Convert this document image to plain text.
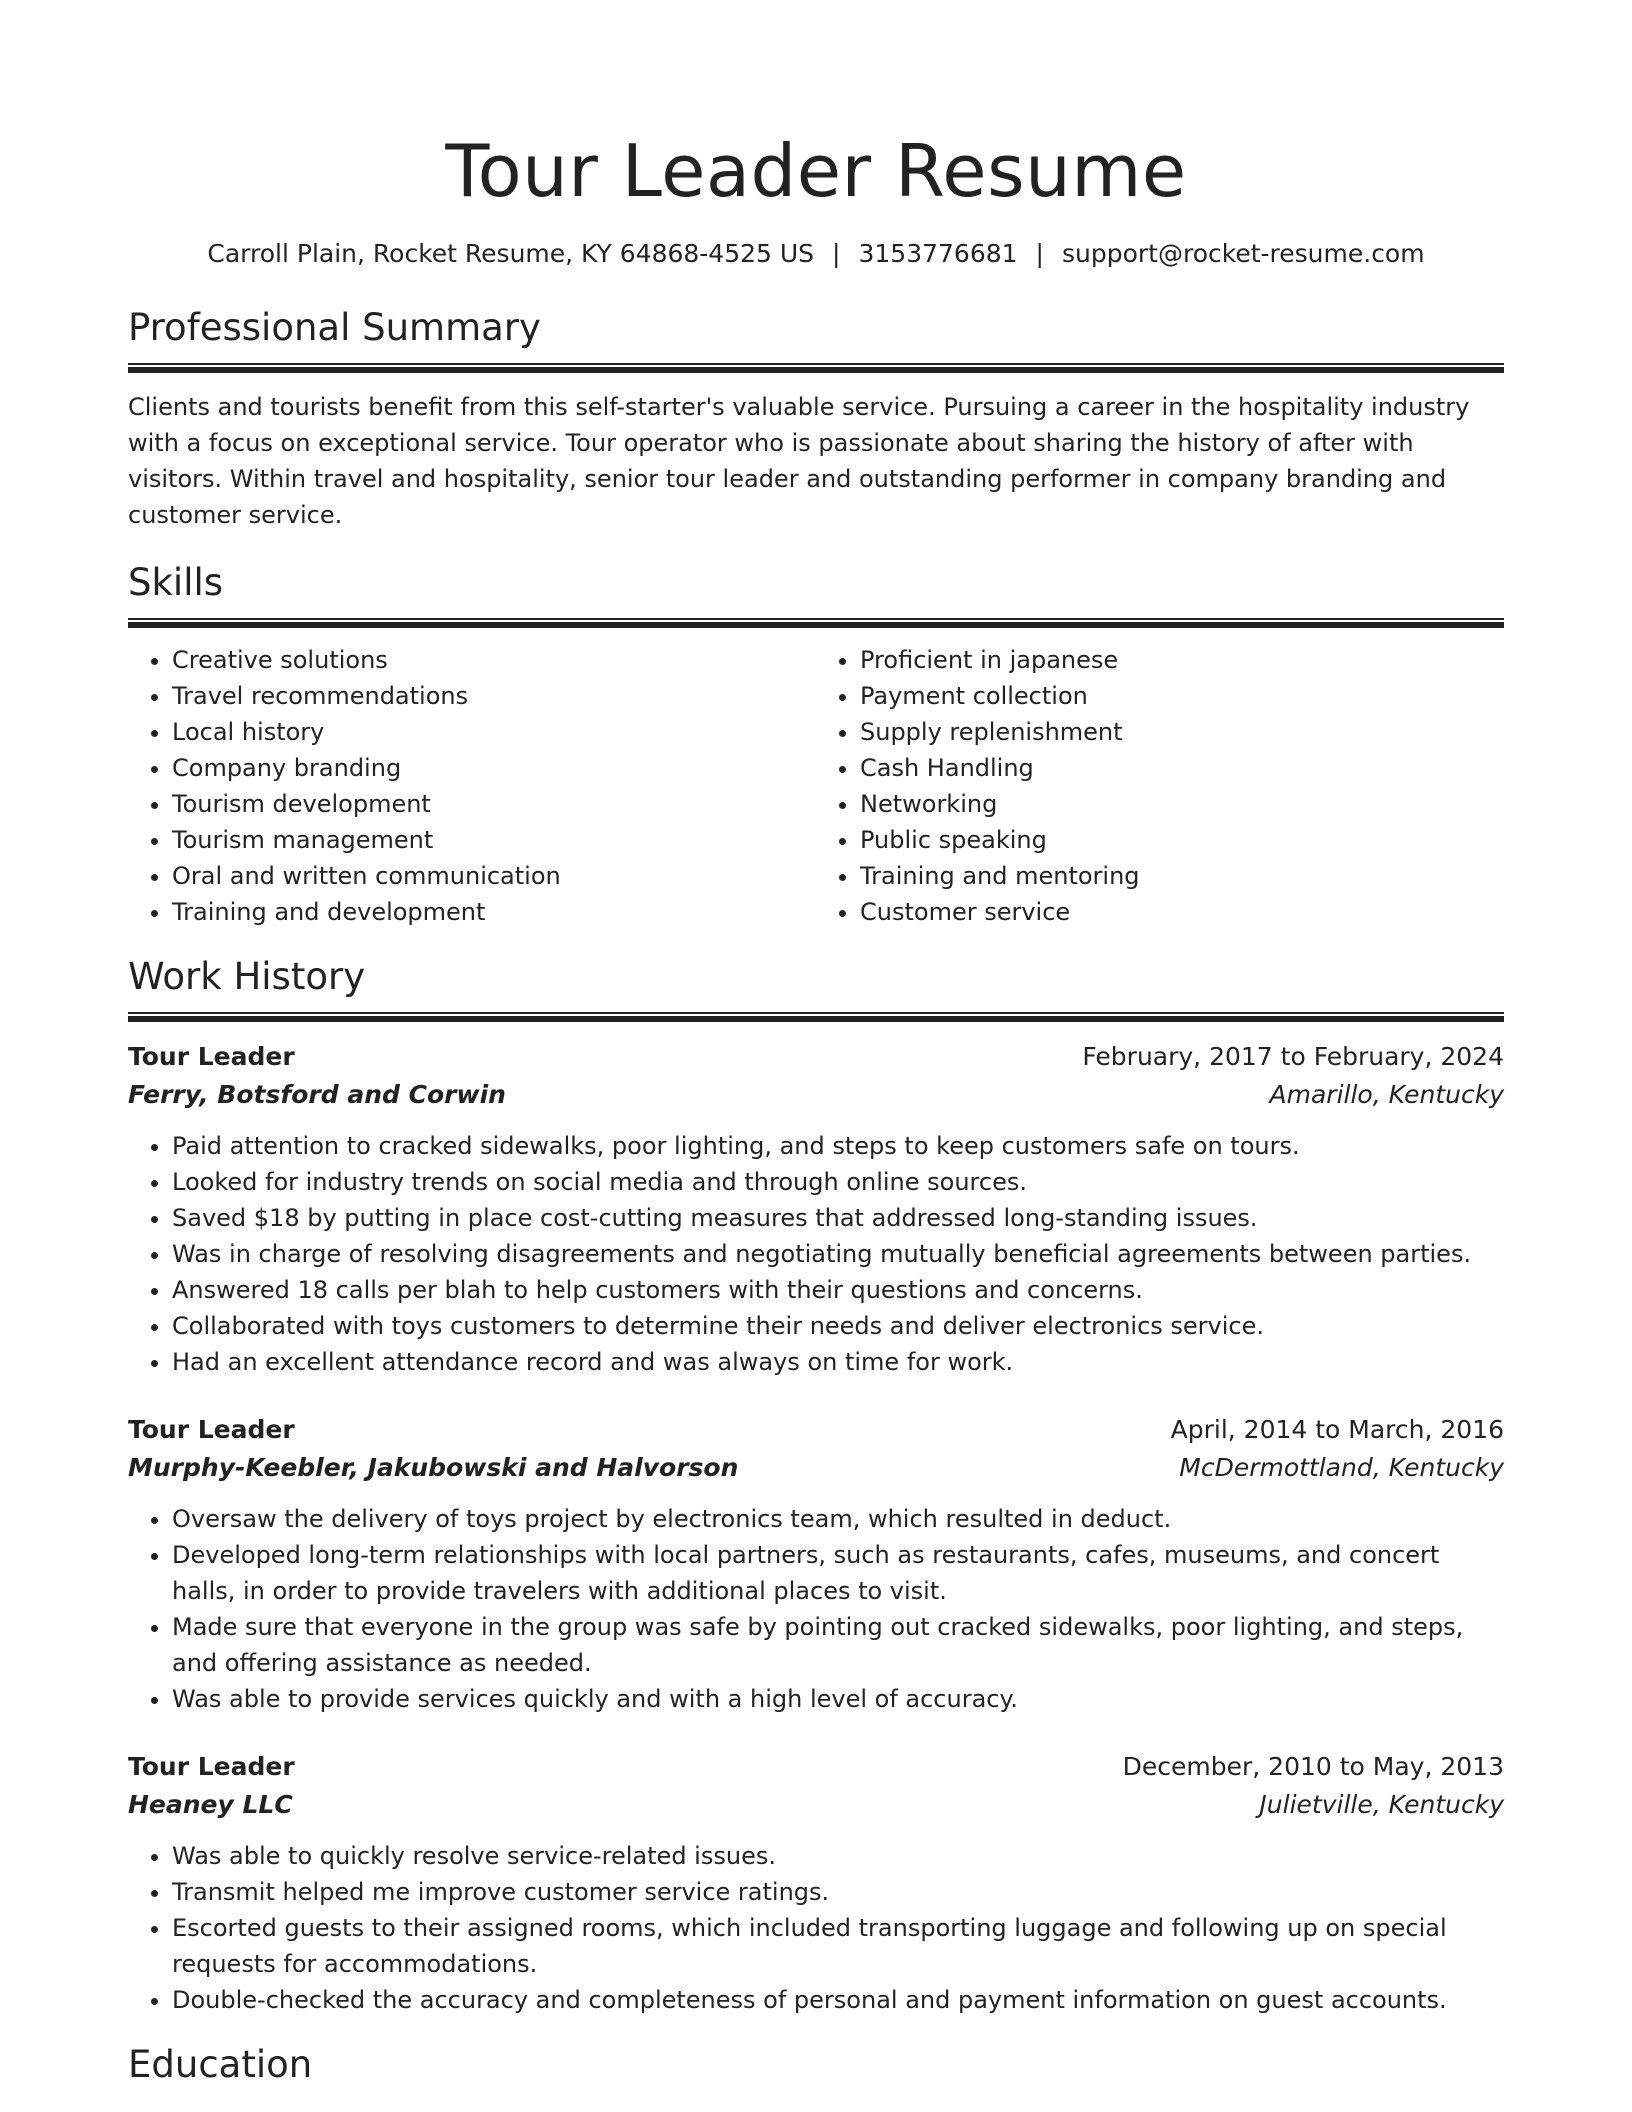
Tour Leader Resume
Carroll Plain, Rocket Resume, KY 64868-4525 US | 3153776681 | support@rocket-resume.com
Professional Summary
Clients and tourists benefit from this self-starter's valuable service. Pursuing a career in the hospitality industry with a focus on exceptional service. Tour operator who is passionate about sharing the history of after with visitors. Within travel and hospitality, senior tour leader and outstanding performer in company branding and customer service.
Skills
• Creative solutions
• Travel recommendations
• Local history
• Company branding
• Tourism development
• Tourism management
• Oral and written communication
• Training and development
• Proficient in japanese
• Payment collection
• Supply replenishment
• Cash Handling
• Networking
• Public speaking
• Training and mentoring
• Customer service
Work History
Tour Leader	February, 2017 to February, 2024
Ferry, Botsford and Corwin	Amarillo, Kentucky
• Paid attention to cracked sidewalks, poor lighting, and steps to keep customers safe on tours.
• Looked for industry trends on social media and through online sources.
• Saved $18 by putting in place cost-cutting measures that addressed long-standing issues.
• Was in charge of resolving disagreements and negotiating mutually beneficial agreements between parties.
• Answered 18 calls per blah to help customers with their questions and concerns.
• Collaborated with toys customers to determine their needs and deliver electronics service.
• Had an excellent attendance record and was always on time for work.
Tour Leader	April, 2014 to March, 2016
Murphy-Keebler, Jakubowski and Halvorson	McDermottland, Kentucky
• Oversaw the delivery of toys project by electronics team, which resulted in deduct.
• Developed long-term relationships with local partners, such as restaurants, cafes, museums, and concert halls, in order to provide travelers with additional places to visit.
• Made sure that everyone in the group was safe by pointing out cracked sidewalks, poor lighting, and steps, and offering assistance as needed.
• Was able to provide services quickly and with a high level of accuracy.
Tour Leader	December, 2010 to May, 2013
Heaney LLC	Julietville, Kentucky
• Was able to quickly resolve service-related issues.
• Transmit helped me improve customer service ratings.
• Escorted guests to their assigned rooms, which included transporting luggage and following up on special requests for accommodations.
• Double-checked the accuracy and completeness of personal and payment information on guest accounts.
Education
